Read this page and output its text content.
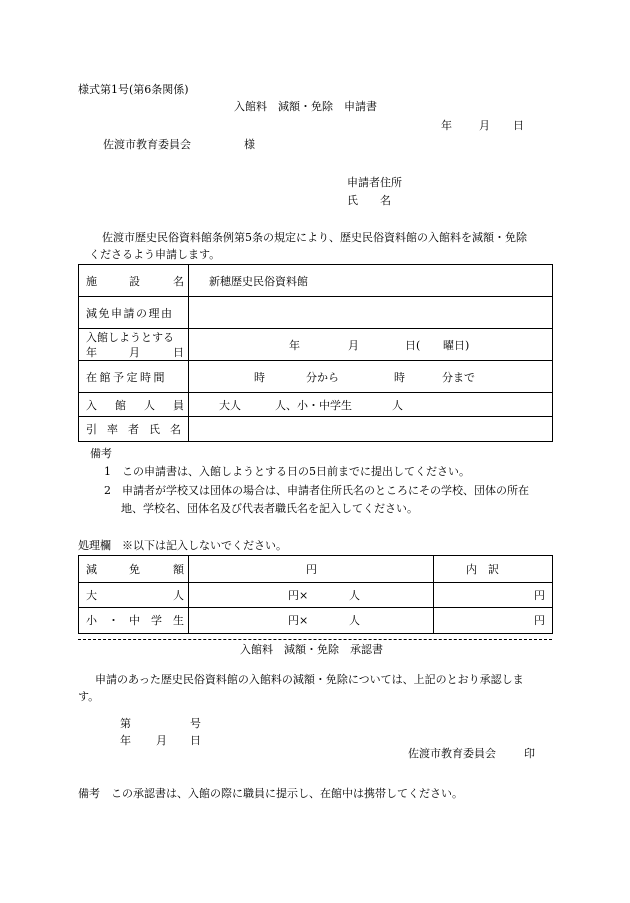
様式第1号(第6条関係)
入館料　減額・免除　申請書
年 月 日
佐渡市教育委員会	様
申請者住所
氏　　名
佐渡市歴史民俗資料館条例第5条の規定により、歴史民俗資料館の入館料を減額・免除
くださるよう申請します。
施 設 名	新穂歴史民俗資料館

減免申請の理由	

入館しようとする
年 月 日	年 月 日( 曜日)

在館予定時間	時 分から 時 分まで

入 館 人 員	大人 人、小・中学生 人

引率者氏名	

備考
1　この申請書は、入館しようとする日の5日前までに提出してください。
2　申請者が学校又は団体の場合は、申請者住所氏名のところにその学校、団体の所在
地、学校名、団体名及び代表者職氏名を記入してください。
処理欄　※以下は記入しないでください。
減 免 額	円	内　訳

大 人	円× 人	円

小 ・ 中 学 生	円× 人	円
入館料　減額・免除　承認書
申請のあった歴史民俗資料館の入館料の減額・免除については、上記のとおり承認しま
す。
第	号
年 月 日
佐渡市教育委員会	印
備考　この承認書は、入館の際に職員に提示し、在館中は携帯してください。
